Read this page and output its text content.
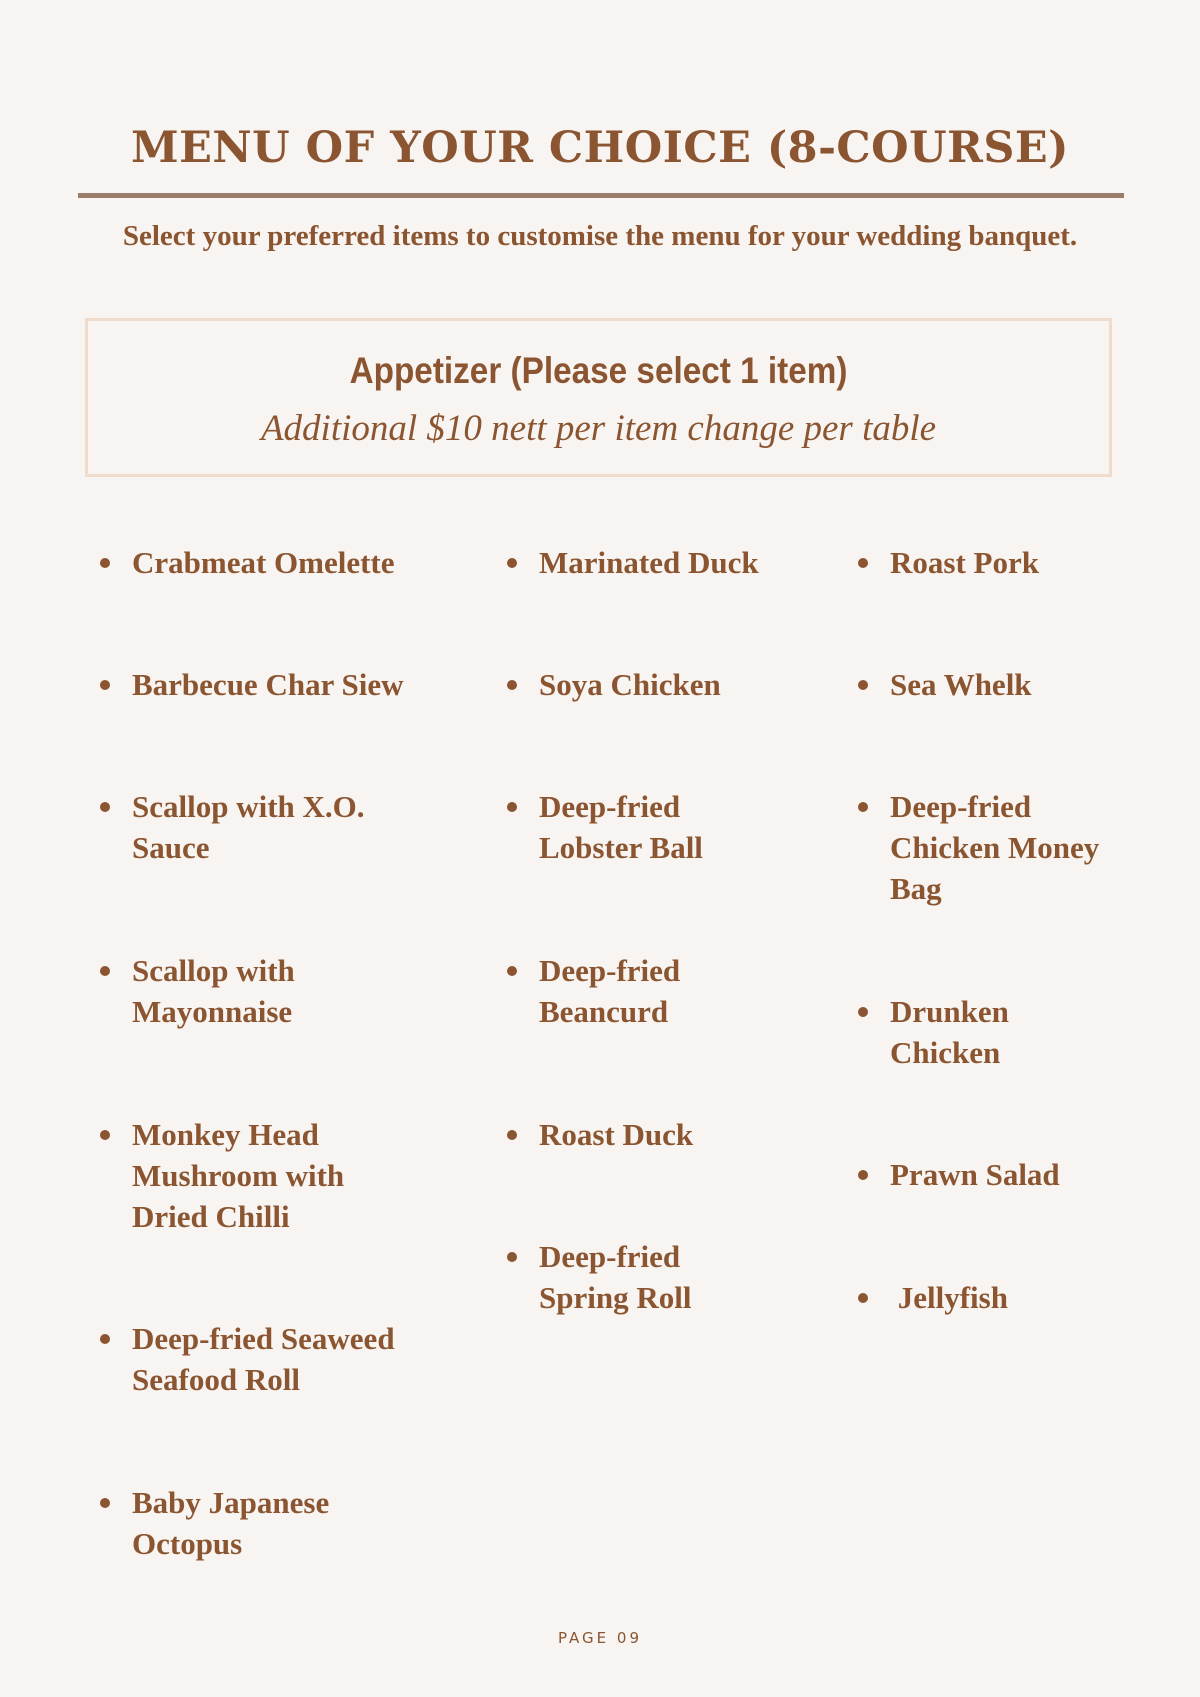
MENU OF YOUR CHOICE (8-COURSE)
Select your preferred items to customise the menu for your wedding banquet.
Appetizer (Please select 1 item)
Additional $10 nett per item change per table
Crabmeat Omelette
Barbecue Char Siew
Scallop with X.O.
Sauce
Scallop with
Mayonnaise
Monkey Head
Mushroom with
Dried Chilli
Deep-fried Seaweed
Seafood Roll
Baby Japanese
Octopus
Marinated Duck
Soya Chicken
Deep-fried
Lobster Ball
Deep-fried
Beancurd
Roast Duck
Deep-fried
Spring Roll
Roast Pork
Sea Whelk
Deep-fried
Chicken Money
Bag
Drunken
Chicken
Prawn Salad
Jellyfish
PAGE 09
